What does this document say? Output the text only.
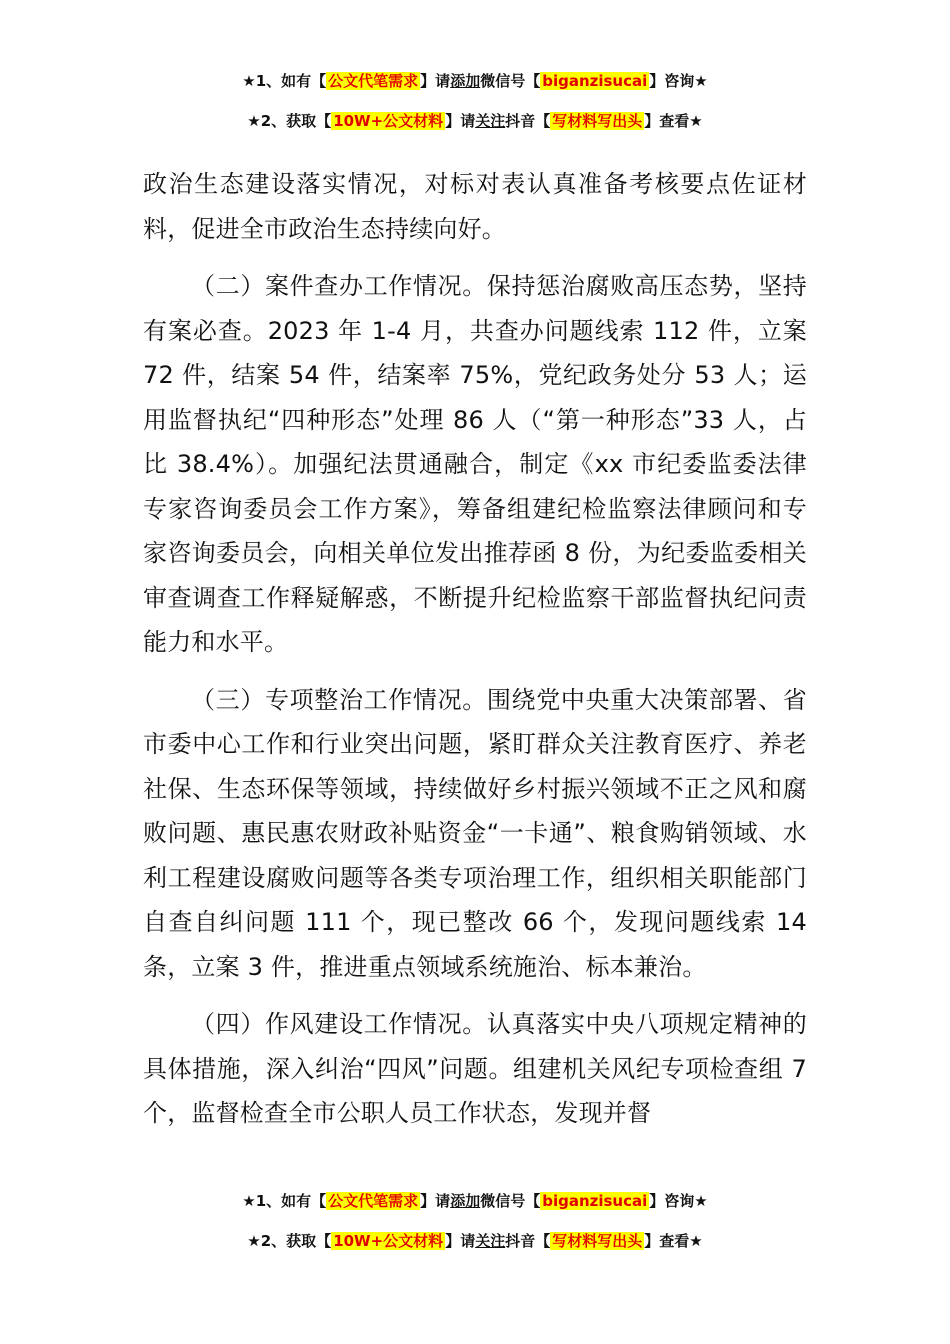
★1、如有【 公文代笔需求 】请添加微信号【 biganzisucai 】咨询★
★2、获取【 10W+公文材料 】请关注抖音【 写材料写出头 】查看★

政治生态建设落实情况，对标对表认真准备考核要点佐证材料，促进全市政治生态持续向好。

（二）案件查办工作情况。保持惩治腐败高压态势，坚持有案必查。2023 年 1-4 月，共查办问题线索 112 件，立案 72 件，结案 54 件，结案率 75%，党纪政务处分 53 人；运用监督执纪“四种形态”处理 86 人（“第一种形态”33 人，占比 38.4%）。加强纪法贯通融合，制定《xx 市纪委监委法律专家咨询委员会工作方案》，筹备组建纪检监察法律顾问和专家咨询委员会，向相关单位发出推荐函 8 份，为纪委监委相关审查调查工作释疑解惑，不断提升纪检监察干部监督执纪问责能力和水平。

（三）专项整治工作情况。围绕党中央重大决策部署、省市委中心工作和行业突出问题，紧盯群众关注教育医疗、养老社保、生态环保等领域，持续做好乡村振兴领域不正之风和腐败问题、惠民惠农财政补贴资金“一卡通”、粮食购销领域、水利工程建设腐败问题等各类专项治理工作，组织相关职能部门自查自纠问题 111 个，现已整改 66 个，发现问题线索 14 条，立案 3 件，推进重点领域系统施治、标本兼治。

（四）作风建设工作情况。认真落实中央八项规定精神的具体措施，深入纠治“四风”问题。组建机关风纪专项检查组 7 个，监督检查全市公职人员工作状态，发现并督

★1、如有【 公文代笔需求 】请添加微信号【 biganzisucai 】咨询★
★2、获取【 10W+公文材料 】请关注抖音【 写材料写出头 】查看★
